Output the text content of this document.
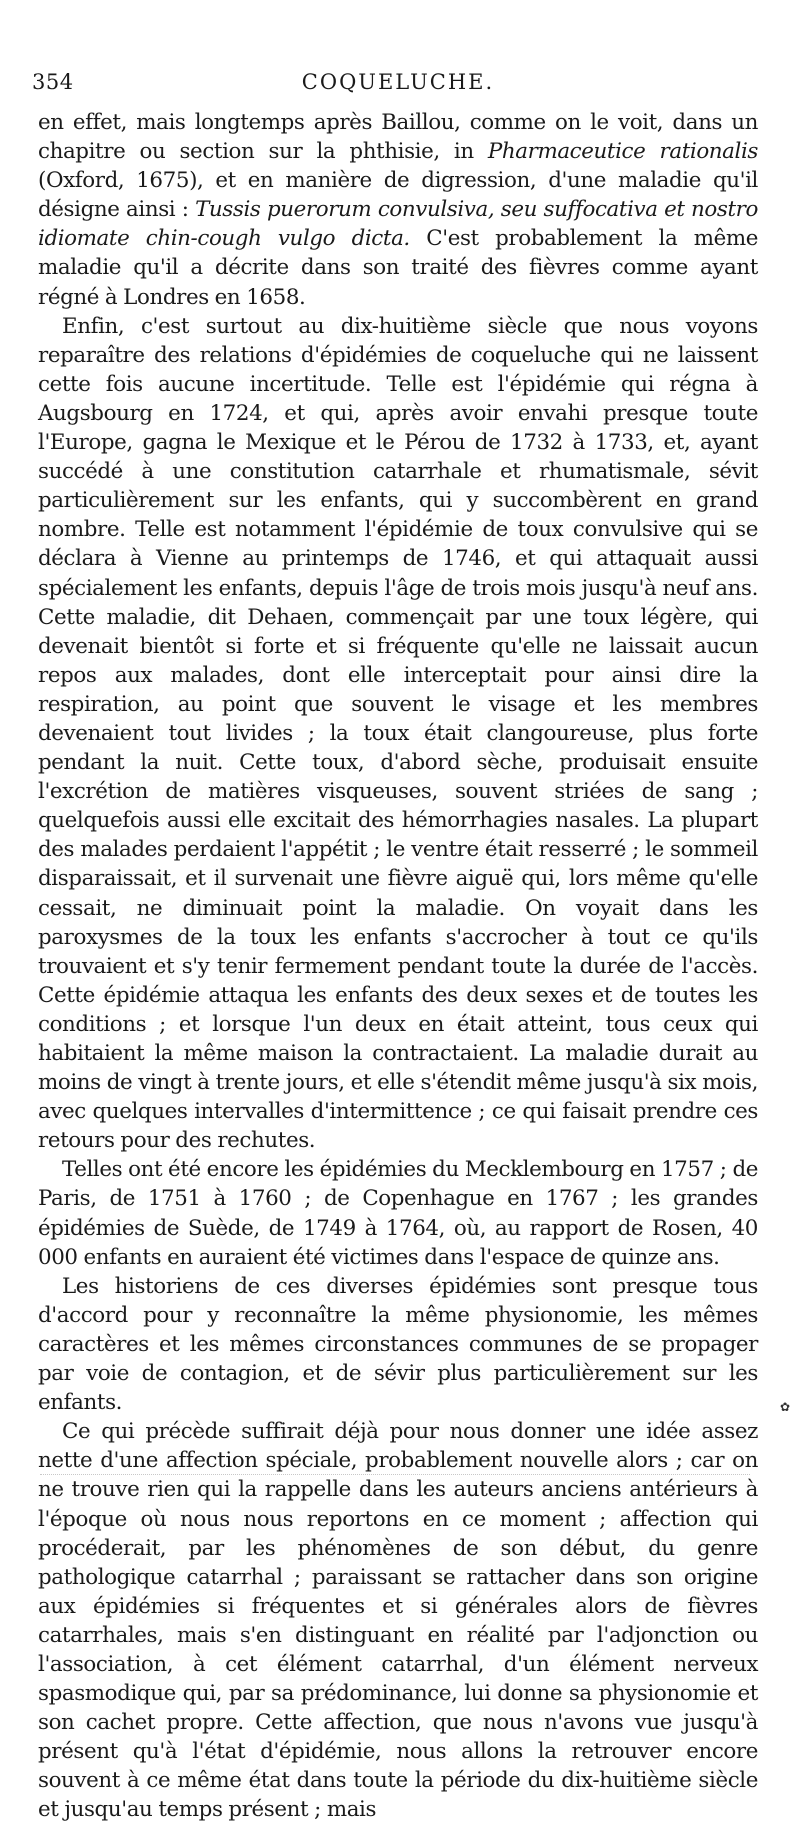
354	COQUELUCHE.

en effet, mais longtemps après Baillou, comme on le voit, dans un chapitre ou section sur la phthisie, in Pharmaceutice rationalis (Oxford, 1675), et en manière de digression, d'une maladie qu'il désigne ainsi : Tussis puerorum convulsiva, seu suffocativa et nostro idiomate chin-cough vulgo dicta. C'est probablement la même maladie qu'il a décrite dans son traité des fièvres comme ayant régné à Londres en 1658.

Enfin, c'est surtout au dix-huitième siècle que nous voyons reparaître des relations d'épidémies de coqueluche qui ne laissent cette fois aucune incertitude. Telle est l'épidémie qui régna à Augsbourg en 1724, et qui, après avoir envahi presque toute l'Europe, gagna le Mexique et le Pérou de 1732 à 1733, et, ayant succédé à une constitution catarrhale et rhumatismale, sévit particulièrement sur les enfants, qui y succombèrent en grand nombre. Telle est notamment l'épidémie de toux convulsive qui se déclara à Vienne au printemps de 1746, et qui attaquait aussi spécialement les enfants, depuis l'âge de trois mois jusqu'à neuf ans. Cette maladie, dit Dehaen, commençait par une toux légère, qui devenait bientôt si forte et si fréquente qu'elle ne laissait aucun repos aux malades, dont elle interceptait pour ainsi dire la respiration, au point que souvent le visage et les membres devenaient tout livides ; la toux était clangoureuse, plus forte pendant la nuit. Cette toux, d'abord sèche, produisait ensuite l'excrétion de matières visqueuses, souvent striées de sang ; quelquefois aussi elle excitait des hémorrhagies nasales. La plupart des malades perdaient l'appétit ; le ventre était resserré ; le sommeil disparaissait, et il survenait une fièvre aiguë qui, lors même qu'elle cessait, ne diminuait point la maladie. On voyait dans les paroxysmes de la toux les enfants s'accrocher à tout ce qu'ils trouvaient et s'y tenir fermement pendant toute la durée de l'accès. Cette épidémie attaqua les enfants des deux sexes et de toutes les conditions ; et lorsque l'un deux en était atteint, tous ceux qui habitaient la même maison la contractaient. La maladie durait au moins de vingt à trente jours, et elle s'étendit même jusqu'à six mois, avec quelques intervalles d'intermittence ; ce qui faisait prendre ces retours pour des rechutes.

Telles ont été encore les épidémies du Mecklembourg en 1757 ; de Paris, de 1751 à 1760 ; de Copenhague en 1767 ; les grandes épidémies de Suède, de 1749 à 1764, où, au rapport de Rosen, 40 000 enfants en auraient été victimes dans l'espace de quinze ans.

Les historiens de ces diverses épidémies sont presque tous d'accord pour y reconnaître la même physionomie, les mêmes caractères et les mêmes circonstances communes de se propager par voie de contagion, et de sévir plus particulièrement sur les enfants.

Ce qui précède suffirait déjà pour nous donner une idée assez nette d'une affection spéciale, probablement nouvelle alors ; car on ne trouve rien qui la rappelle dans les auteurs anciens antérieurs à l'époque où nous nous reportons en ce moment ; affection qui procéderait, par les phénomènes de son début, du genre pathologique catarrhal ; paraissant se rattacher dans son origine aux épidémies si fréquentes et si générales alors de fièvres catarrhales, mais s'en distinguant en réalité par l'adjonction ou l'association, à cet élément catarrhal, d'un élément nerveux spasmodique qui, par sa prédominance, lui donne sa physionomie et son cachet propre. Cette affection, que nous n'avons vue jusqu'à présent qu'à l'état d'épidémie, nous allons la retrouver encore souvent à ce même état dans toute la période du dix-huitième siècle et jusqu'au temps présent ; mais

✿
